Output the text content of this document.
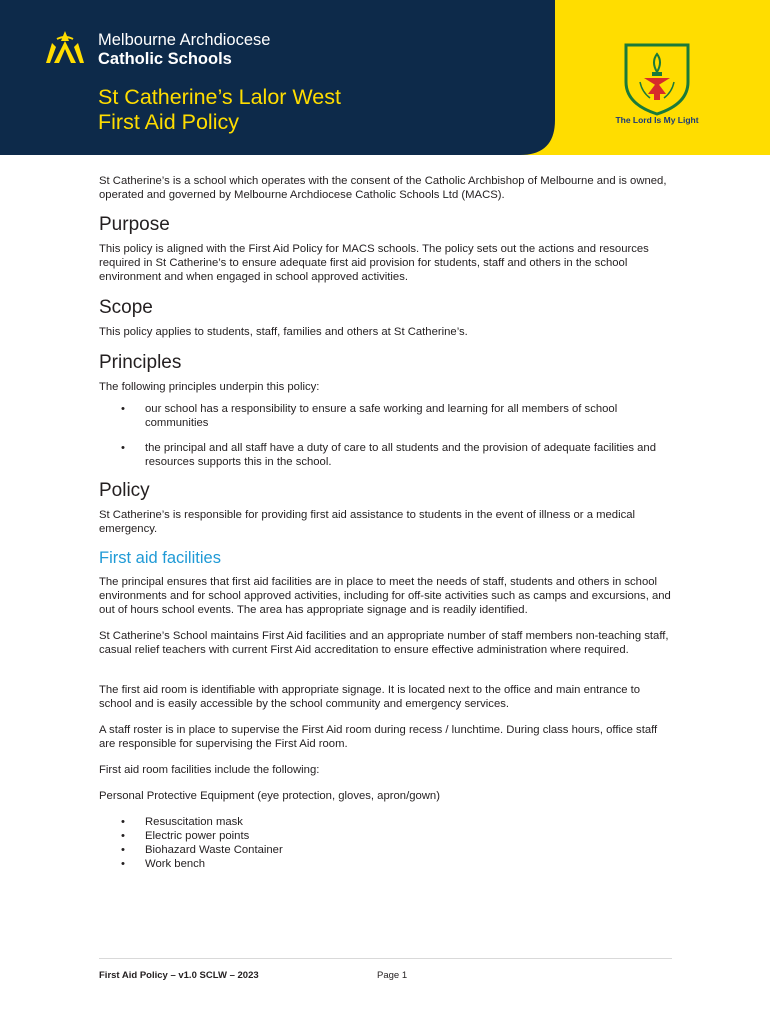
Melbourne Archdiocese
Catholic Schools
St Catherine’s Lalor West
First Aid Policy	The Lord Is My Light

St Catherine’s is a school which operates with the consent of the Catholic Archbishop of Melbourne and is owned, operated and governed by Melbourne Archdiocese Catholic Schools Ltd (MACS).

Purpose

This policy is aligned with the First Aid Policy for MACS schools. The policy sets out the actions and resources required in St Catherine’s to ensure adequate first aid provision for students, staff and others in the school environment and when engaged in school approved activities.

Scope

This policy applies to students, staff, families and others at St Catherine’s.

Principles

The following principles underpin this policy:

• our school has a responsibility to ensure a safe working and learning for all members of school communities
• the principal and all staff have a duty of care to all students and the provision of adequate facilities and resources supports this in the school.
Policy

St Catherine’s is responsible for providing first aid assistance to students in the event of illness or a medical emergency.

First aid facilities

The principal ensures that first aid facilities are in place to meet the needs of staff, students and others in school environments and for school approved activities, including for off-site activities such as camps and excursions, and out of hours school events. The area has appropriate signage and is readily identified.

St Catherine’s School maintains First Aid facilities and an appropriate number of staff members non-teaching staff, casual relief teachers with current First Aid accreditation to ensure effective administration where required.

The first aid room is identifiable with appropriate signage. It is located next to the office and main entrance to school and is easily accessible by the school community and emergency services.

A staff roster is in place to supervise the First Aid room during recess / lunchtime. During class hours, office staff are responsible for supervising the First Aid room.

First aid room facilities include the following:

Personal Protective Equipment (eye protection, gloves, apron/gown)

• Resuscitation mask
• Electric power points
• Biohazard Waste Container
• Work bench
First Aid Policy – v1.0 SCLW – 2023	Page 1
